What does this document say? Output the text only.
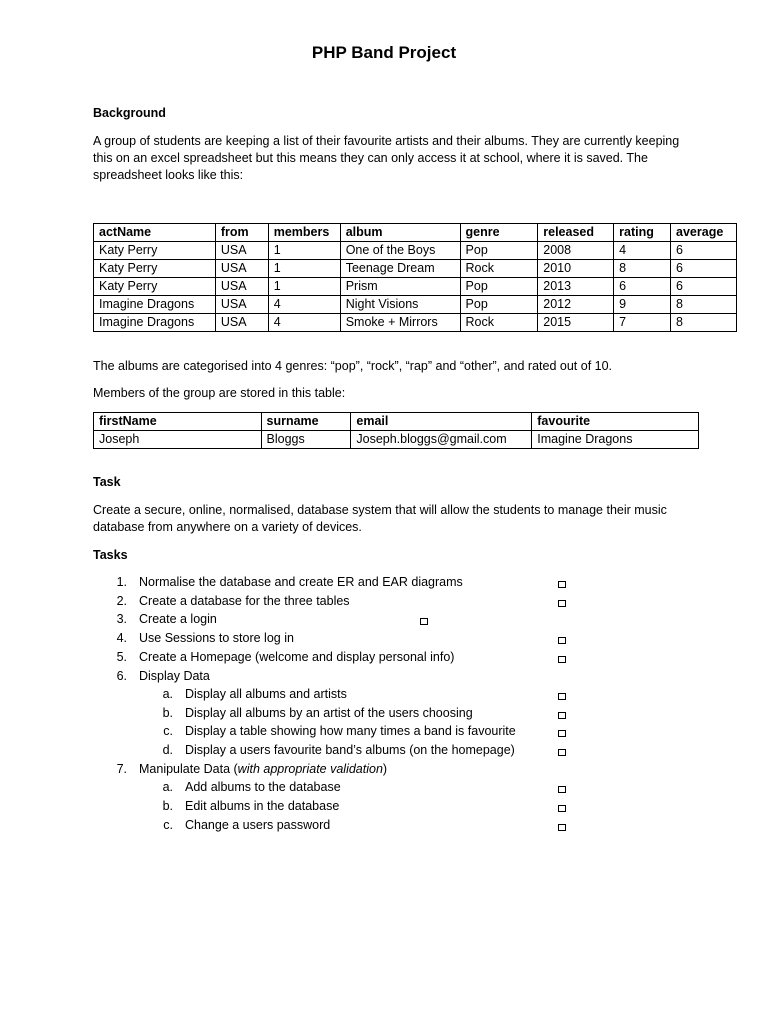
PHP Band Project
Background
A group of students are keeping a list of their favourite artists and their albums. They are currently keeping this on an excel spreadsheet but this means they can only access it at school, where it is saved. The spreadsheet looks like this:
actName	from	members	album	genre	released	rating	average
Katy Perry	USA	1	One of the Boys	Pop	2008	4	6
Katy Perry	USA	1	Teenage Dream	Rock	2010	8	6
Katy Perry	USA	1	Prism	Pop	2013	6	6
Imagine Dragons	USA	4	Night Visions	Pop	2012	9	8
Imagine Dragons	USA	4	Smoke + Mirrors	Rock	2015	7	8
The albums are categorised into 4 genres: “pop”, “rock”, “rap” and “other”, and rated out of 10.
Members of the group are stored in this table:
firstName	surname	email	favourite
Joseph	Bloggs	Joseph.bloggs@gmail.com	Imagine Dragons
Task
Create a secure, online, normalised, database system that will allow the students to manage their music database from anywhere on a variety of devices.
Tasks
1. Normalise the database and create ER and EAR diagrams
2. Create a database for the three tables
3. Create a login
4. Use Sessions to store log in
5. Create a Homepage (welcome and display personal info)
6. Display Data
a. Display all albums and artists
b. Display all albums by an artist of the users choosing
c. Display a table showing how many times a band is favourite
d. Display a users favourite band’s albums (on the homepage)
7. Manipulate Data (with appropriate validation)
a. Add albums to the database
b. Edit albums in the database
c. Change a users password
